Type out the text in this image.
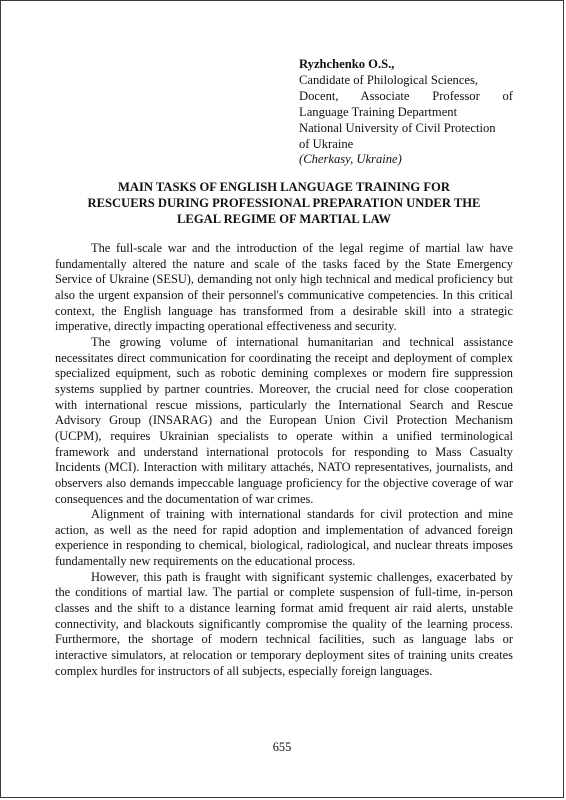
Ryzhchenko O.S.,
Candidate of Philological Sciences,
Docent, Associate Professor of
Language Training Department
National University of Civil Protection
of Ukraine
(Cherkasy, Ukraine)
MAIN TASKS OF ENGLISH LANGUAGE TRAINING FOR
RESCUERS DURING PROFESSIONAL PREPARATION UNDER THE
LEGAL REGIME OF MARTIAL LAW

The full-scale war and the introduction of the legal regime of martial law have fundamentally altered the nature and scale of the tasks faced by the State Emergency Service of Ukraine (SESU), demanding not only high technical and medical proficiency but also the urgent expansion of their personnel's communicative competencies. In this critical context, the English language has transformed from a desirable skill into a strategic imperative, directly impacting operational effectiveness and security.

The growing volume of international humanitarian and technical assistance necessitates direct communication for coordinating the receipt and deployment of complex specialized equipment, such as robotic demining complexes or modern fire suppression systems supplied by partner countries. Moreover, the crucial need for close cooperation with international rescue missions, particularly the International Search and Rescue Advisory Group (INSARAG) and the European Union Civil Protection Mechanism (UCPM), requires Ukrainian specialists to operate within a unified terminological framework and understand international protocols for responding to Mass Casualty Incidents (MCI). Interaction with military attachés, NATO representatives, journalists, and observers also demands impeccable language proficiency for the objective coverage of war consequences and the documentation of war crimes.

Alignment of training with international standards for civil protection and mine action, as well as the need for rapid adoption and implementation of advanced foreign experience in responding to chemical, biological, radiological, and nuclear threats imposes fundamentally new requirements on the educational process.

However, this path is fraught with significant systemic challenges, exacerbated by the conditions of martial law. The partial or complete suspension of full-time, in-person classes and the shift to a distance learning format amid frequent air raid alerts, unstable connectivity, and blackouts significantly compromise the quality of the learning process. Furthermore, the shortage of modern technical facilities, such as language labs or interactive simulators, at relocation or temporary deployment sites of training units creates complex hurdles for instructors of all subjects, especially foreign languages.

655
